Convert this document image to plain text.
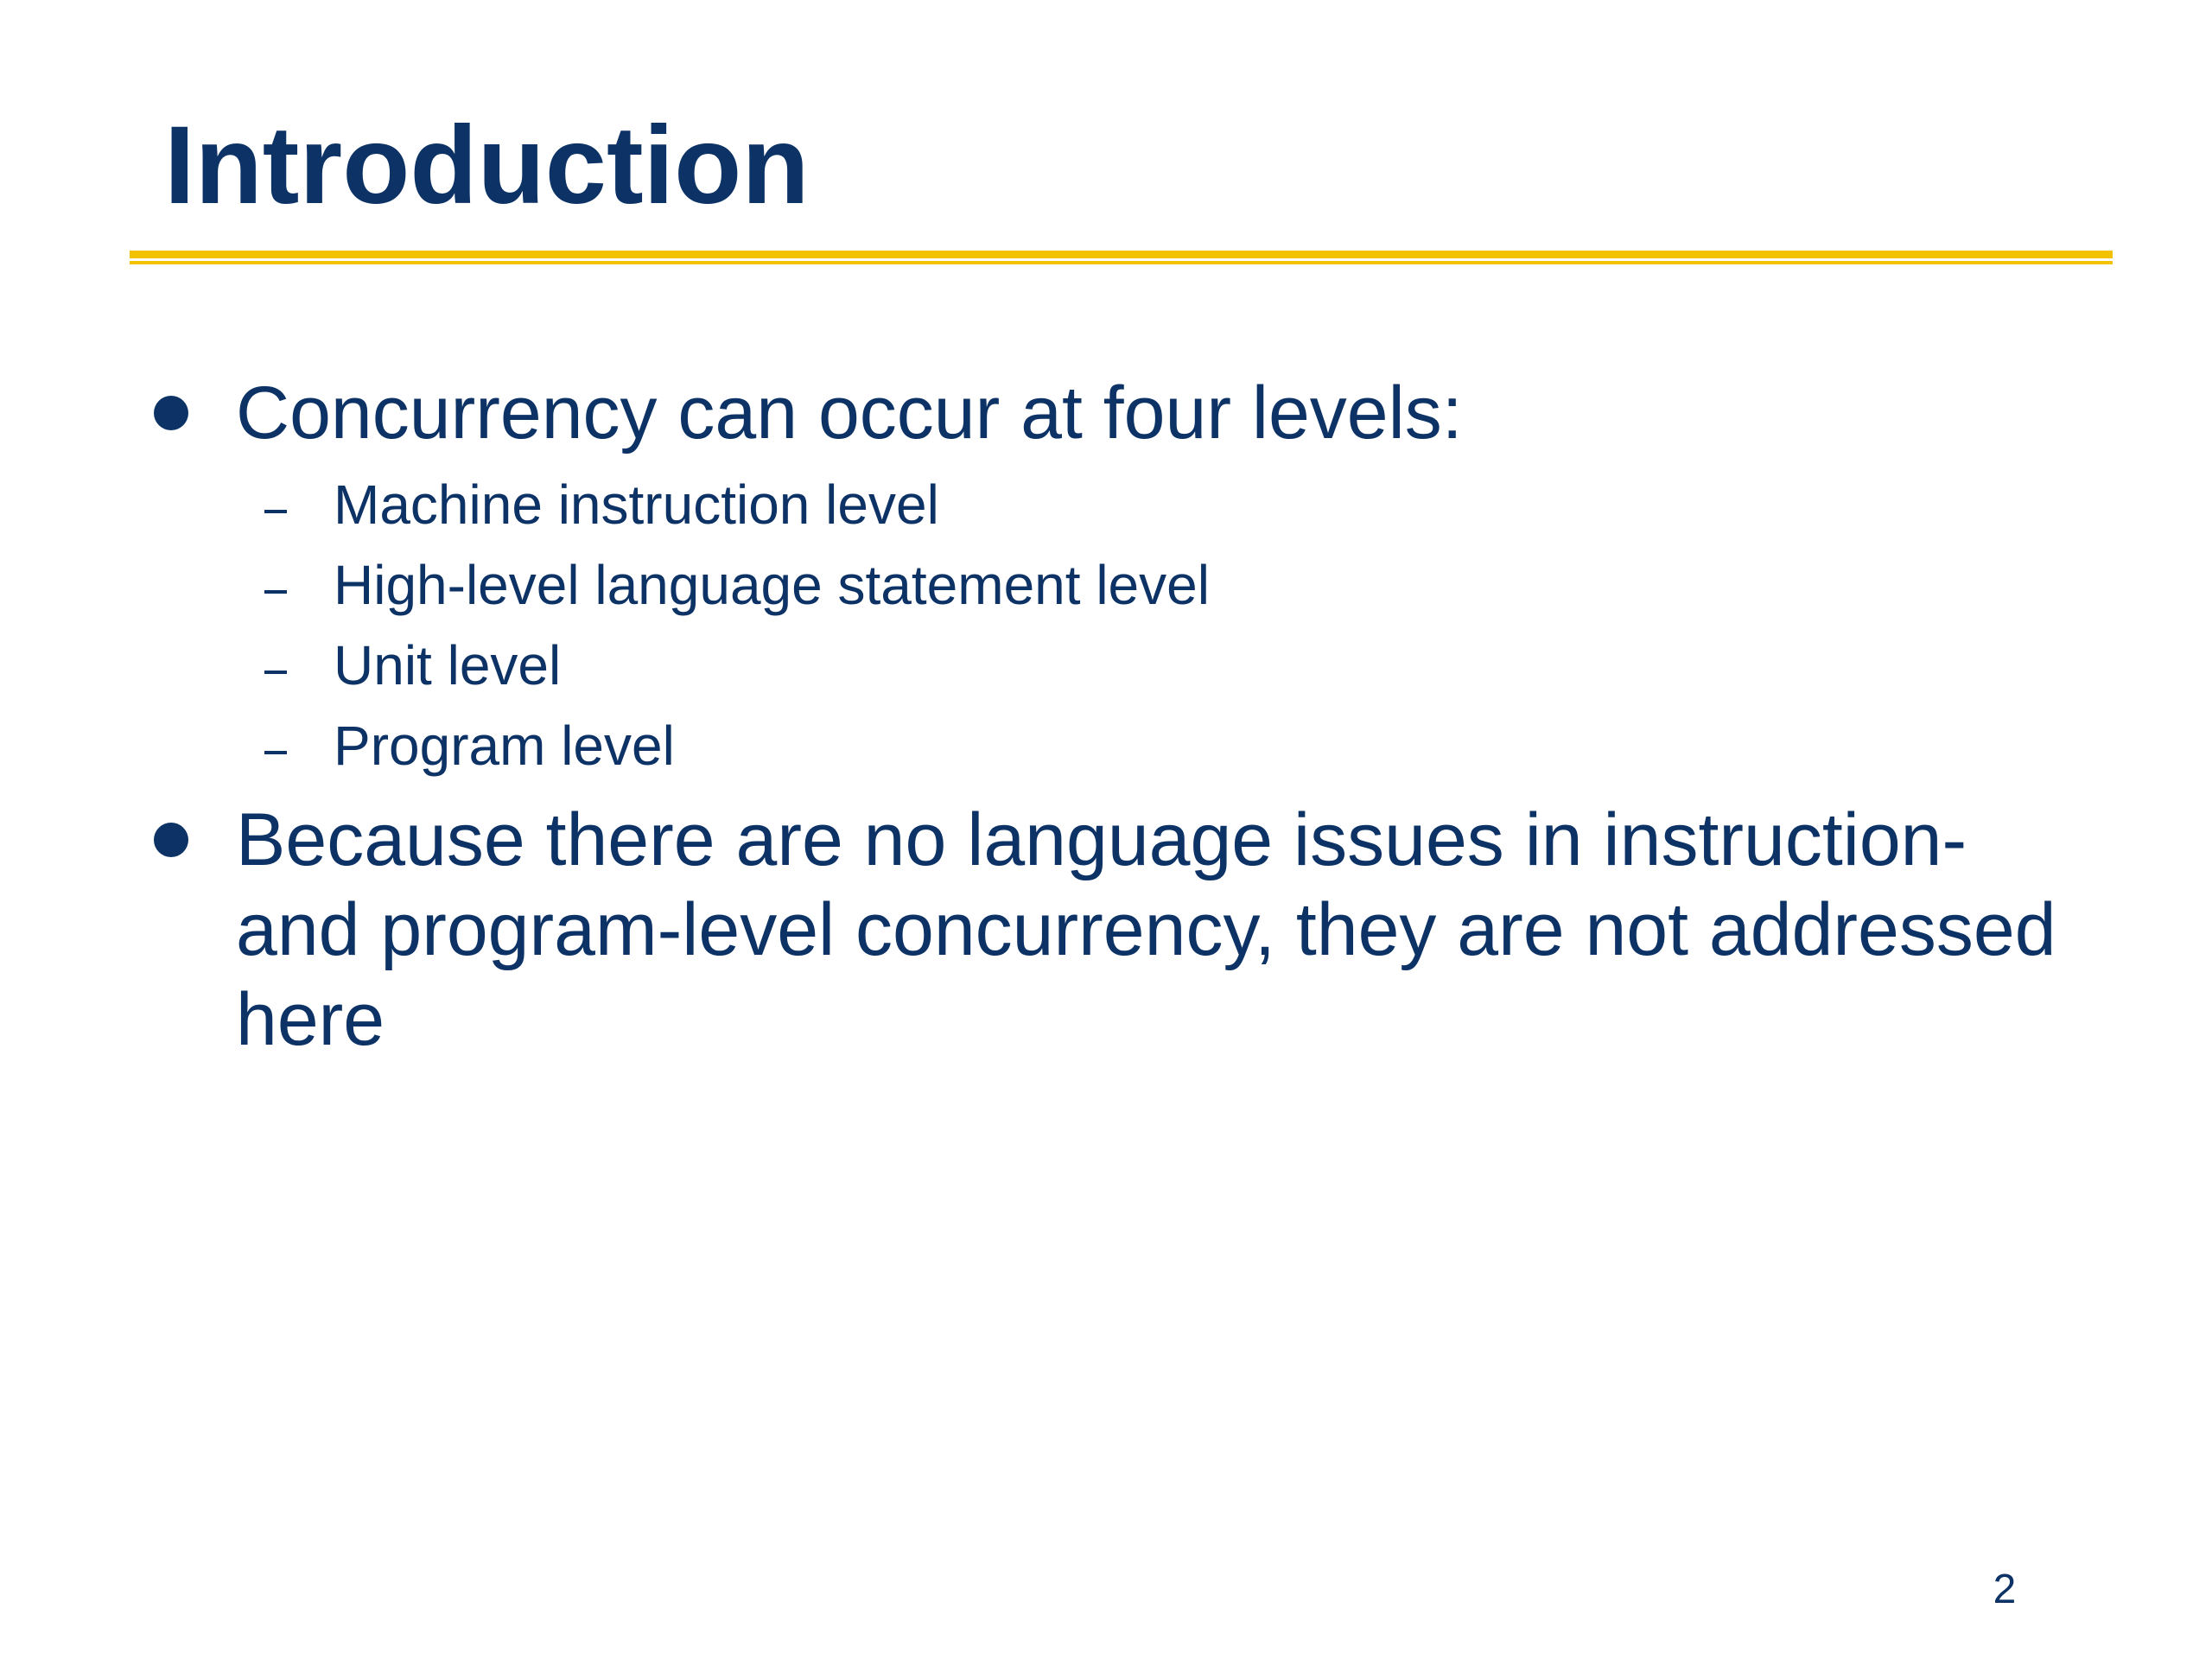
Introduction
Concurrency can occur at four levels:
Machine instruction level
High-level language statement level
Unit level
Program level
Because there are no language issues in instruction- and program-level concurrency, they are not addressed here
2
